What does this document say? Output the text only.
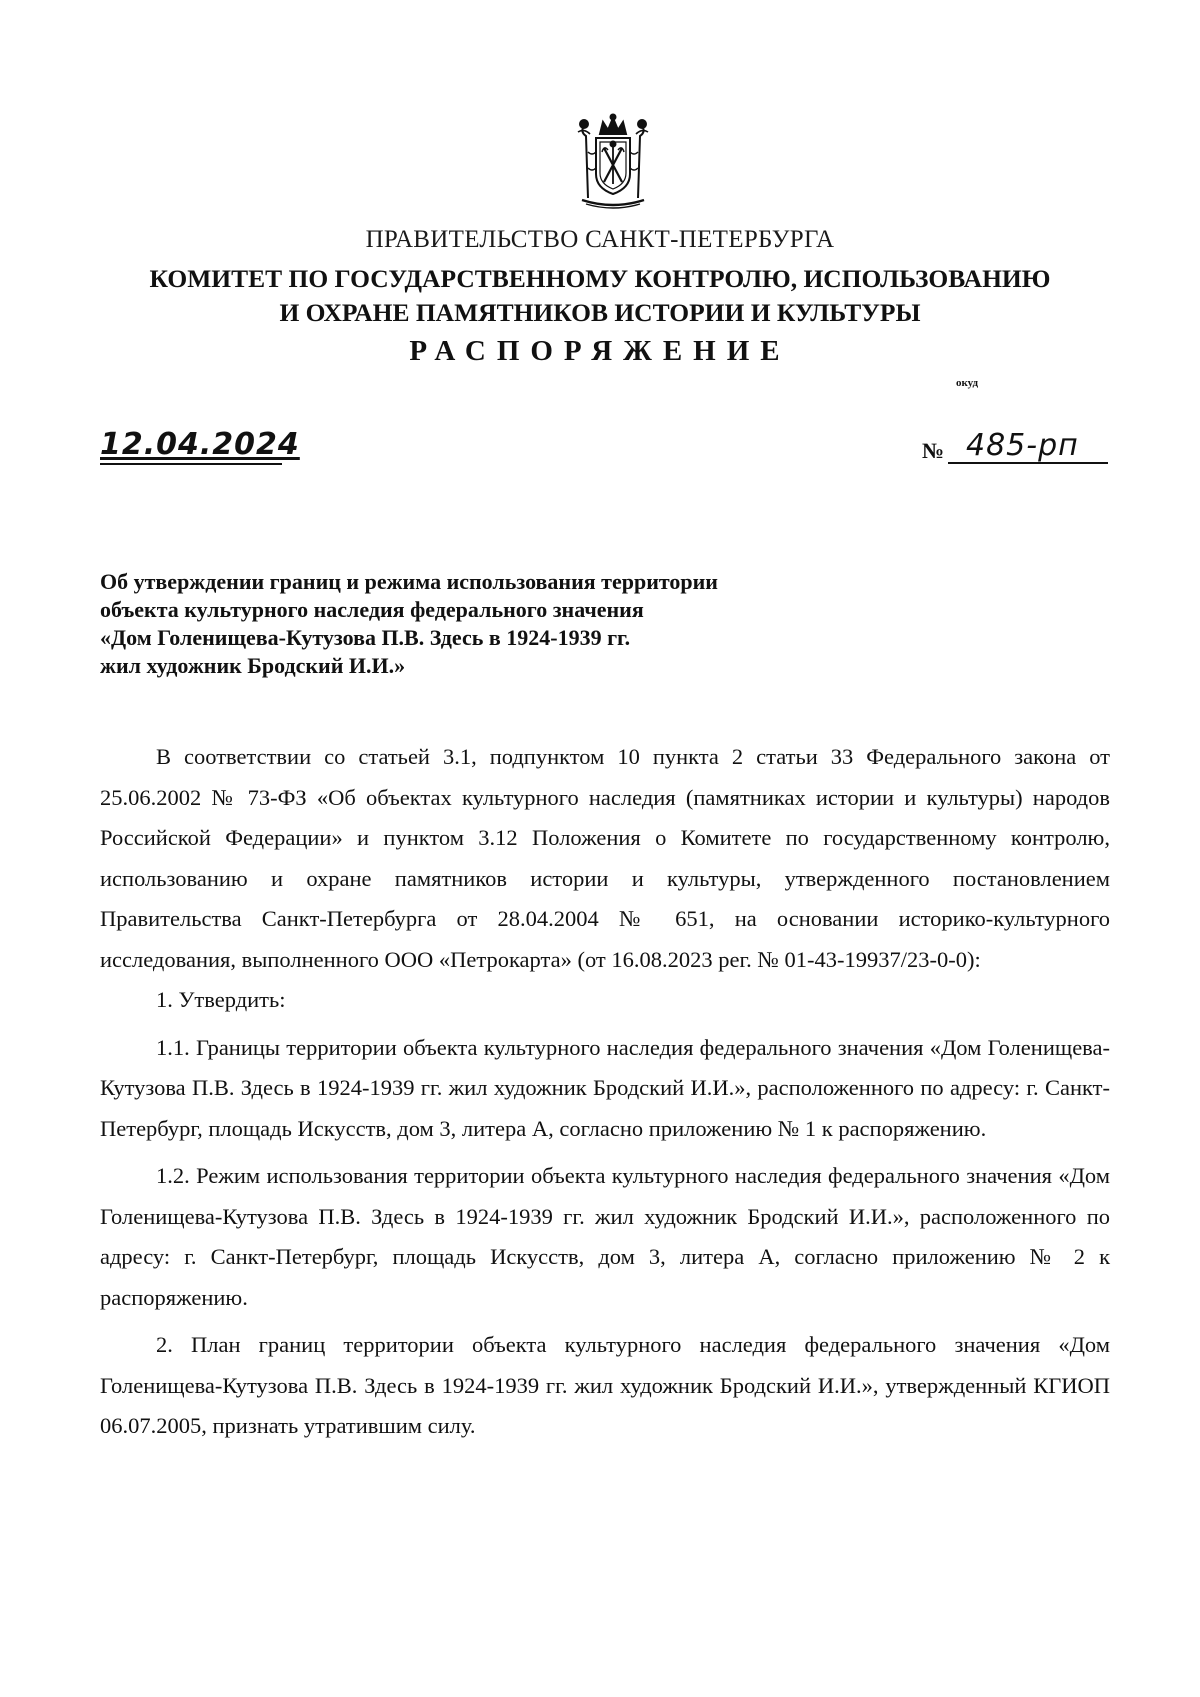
ПРАВИТЕЛЬСТВО САНКТ-ПЕТЕРБУРГА
КОМИТЕТ ПО ГОСУДАРСТВЕННОМУ КОНТРОЛЮ, ИСПОЛЬЗОВАНИЮ
И ОХРАНЕ ПАМЯТНИКОВ ИСТОРИИ И КУЛЬТУРЫ
РАСПОРЯЖЕНИЕ
окуд
12.04.2024	№ 485-рп
Об утверждении границ и режима использования территории
объекта культурного наследия федерального значения
«Дом Голенищева-Кутузова П.В. Здесь в 1924-1939 гг.
жил художник Бродский И.И.»

В соответствии со статьей 3.1, подпунктом 10 пункта 2 статьи 33 Федерального закона от 25.06.2002 № 73-ФЗ «Об объектах культурного наследия (памятниках истории и культуры) народов Российской Федерации» и пунктом 3.12 Положения о Комитете по государственному контролю, использованию и охране памятников истории и культуры, утвержденного постановлением Правительства Санкт-Петербурга от 28.04.2004 № 651, на основании историко-культурного исследования, выполненного ООО «Петрокарта» (от 16.08.2023 рег. № 01-43-19937/23-0-0):

1. Утвердить:

1.1. Границы территории объекта культурного наследия федерального значения «Дом Голенищева-Кутузова П.В. Здесь в 1924-1939 гг. жил художник Бродский И.И.», расположенного по адресу: г. Санкт-Петербург, площадь Искусств, дом 3, литера А, согласно приложению № 1 к распоряжению.

1.2. Режим использования территории объекта культурного наследия федерального значения «Дом Голенищева-Кутузова П.В. Здесь в 1924-1939 гг. жил художник Бродский И.И.», расположенного по адресу: г. Санкт-Петербург, площадь Искусств, дом 3, литера А, согласно приложению № 2 к распоряжению.

2. План границ территории объекта культурного наследия федерального значения «Дом Голенищева-Кутузова П.В. Здесь в 1924-1939 гг. жил художник Бродский И.И.», утвержденный КГИОП 06.07.2005, признать утратившим силу.
